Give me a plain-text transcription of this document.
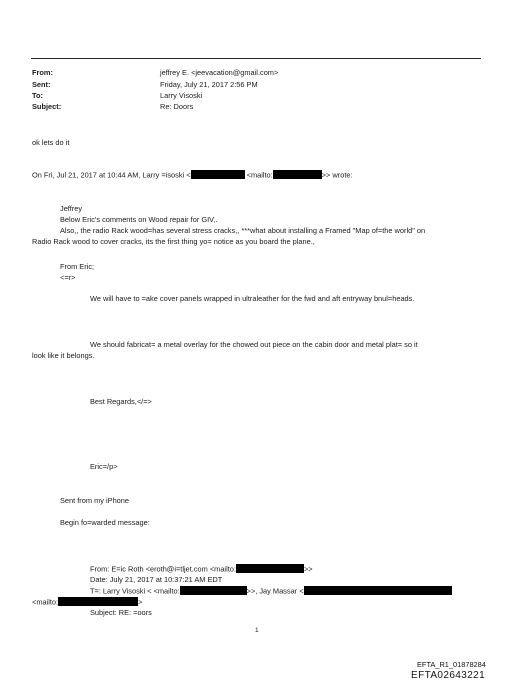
From:	jeffrey E. <jeevacation@gmail.com>
Sent:	Friday, July 21, 2017 2:56 PM
To:	Larry Visoski
Subject:	Re: Doors
ok lets do it
On Fri, Jul 21, 2017 at 10:44 AM, Larry =isoski <	<mailto:	>> wrote:
Jeffrey
Below Eric's comments on Wood repair for GIV,.
Also,, the radio Rack wood=has several stress cracks,, ***what about installing a Framed "Map of=the world" on
Radio Rack wood to cover cracks, its the first thing yo= notice as you board the plane.,
From Eric;
<=r>
We will have to =ake cover panels wrapped in ultraleather for the fwd and aft entryway bnul=heads.
We should fabricat= a metal overlay for the chowed out piece on the cabin door and metal plat= so it
look like it belongs.
Best Regards,</=>
Eric=/p>
Sent from my iPhone
Begin fo=warded message:
From: E=ic Roth <eroth@i=tljet.com <mailto:	>>
Date: July 21, 2017 at 10:37:21 AM EDT
T=: Larry Visoski < <mailto:	>>, Jay Massar <
<mailto:	>
Subject: RE: =oors
1
EFTA_R1_01878284
EFTA02643221
